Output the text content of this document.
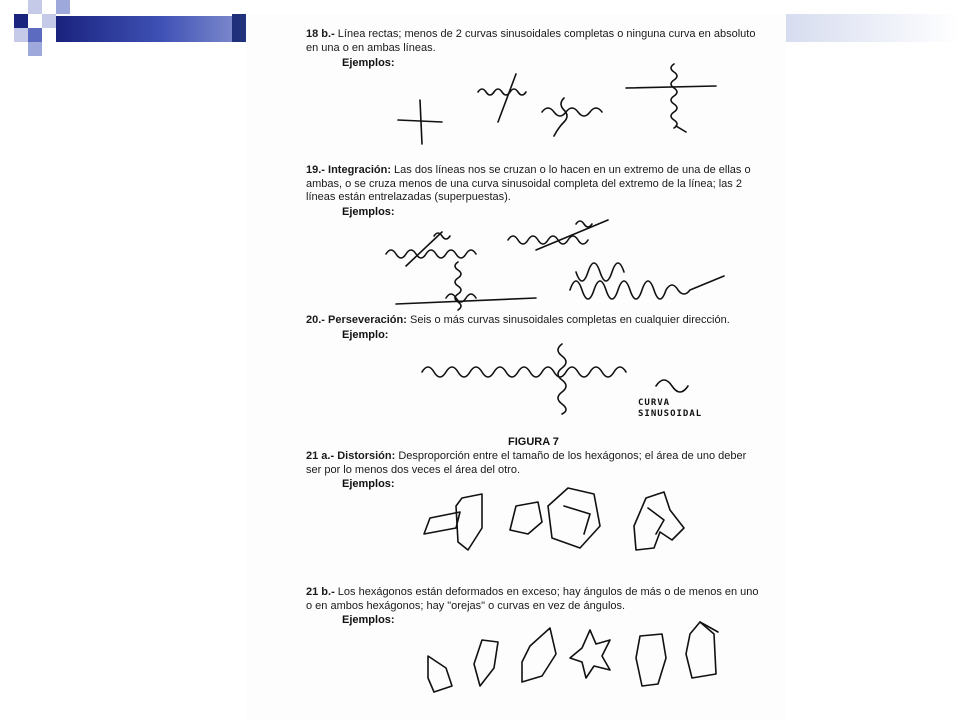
18 b.- Línea rectas; menos de 2 curvas sinusoidales completas o ninguna curva en absoluto en una o en ambas líneas.
Ejemplos:
19.- Integración: Las dos líneas nos se cruzan o lo hacen en un extremo de una de ellas o ambas, o se cruza menos de una curva sinusoidal completa del extremo de la línea; las 2 líneas están entrelazadas (superpuestas).
Ejemplos:
20.- Perseveración: Seis o más curvas sinusoidales completas en cualquier dirección.
Ejemplo:
CURVA
SINUSOIDAL
FIGURA 7
21 a.- Distorsión: Desproporción entre el tamaño de los hexágonos; el área de uno deber ser por lo menos dos veces el área del otro.
Ejemplos:
21 b.- Los hexágonos están deformados en exceso; hay ángulos de más o de menos en uno o en ambos hexágonos; hay "orejas" o curvas en vez de ángulos.
Ejemplos:
